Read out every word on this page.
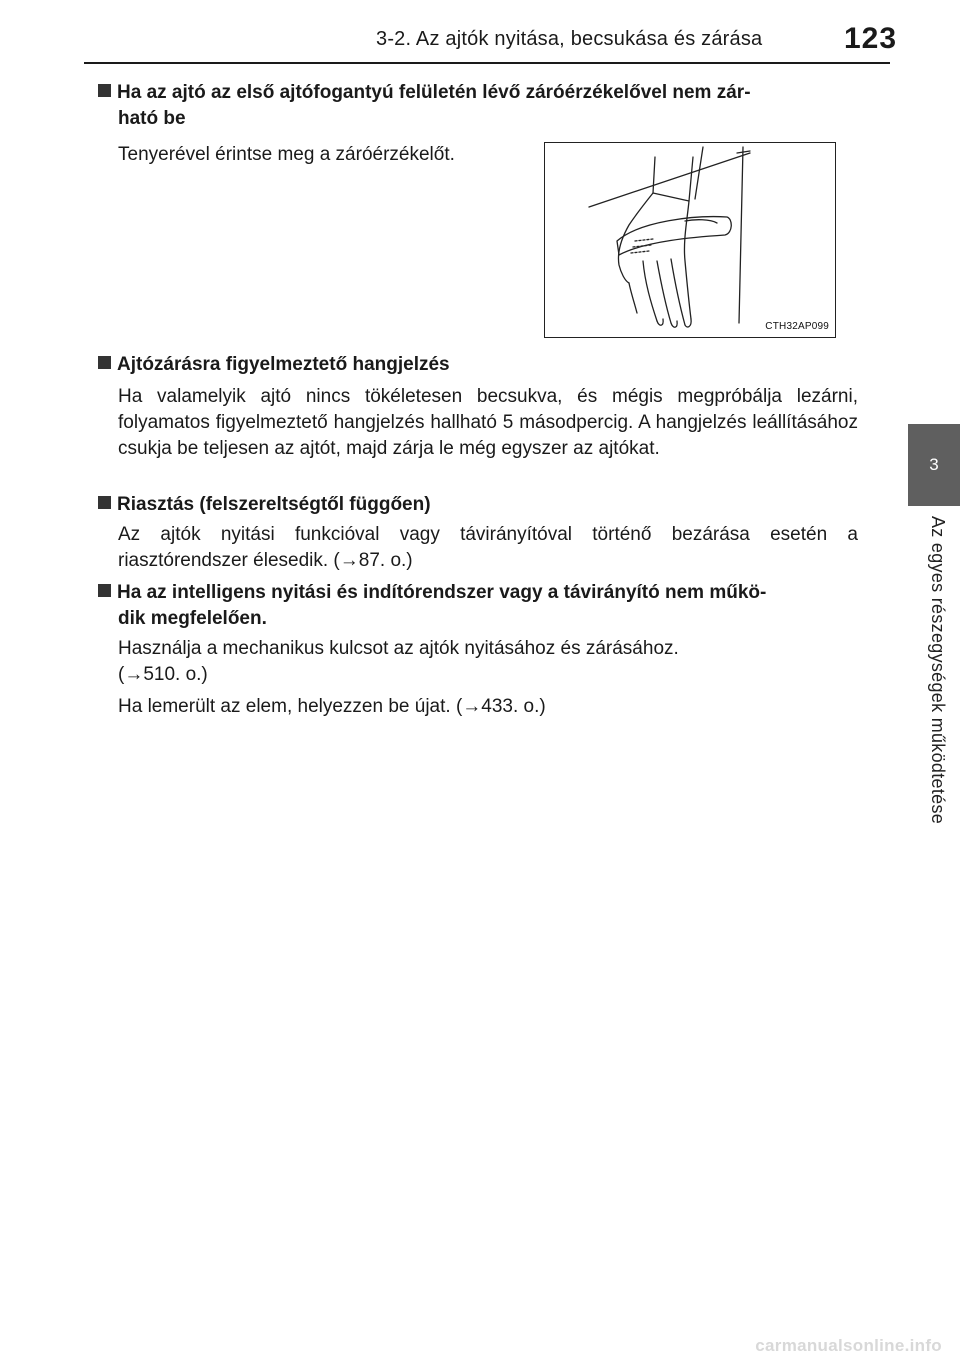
3-2. Az ajtók nyitása, becsukása és zárása	123
3
Az egyes részegységek működtetése
Ha az ajtó az első ajtófogantyú felületén lévő záróérzékelővel nem zár-
ható be
Tenyerével érintse meg a záróérzékelőt.
CTH32AP099
Ajtózárásra figyelmeztető hangjelzés
Ha valamelyik ajtó nincs tökéletesen becsukva, és mégis megpróbálja lezárni, folyamatos figyelmeztető hangjelzés hallható 5 másodpercig. A hangjelzés leállításához csukja be teljesen az ajtót, majd zárja le még egyszer az ajtókat.
Riasztás (felszereltségtől függően)
Az ajtók nyitási funkcióval vagy távirányítóval történő bezárása esetén a riasztórendszer élesedik. (→87. o.)
Ha az intelligens nyitási és indítórendszer vagy a távirányító nem műkö-
dik megfelelően.
Használja a mechanikus kulcsot az ajtók nyitásához és zárásához.
(→510. o.)
Ha lemerült az elem, helyezzen be újat. (→433. o.)
carmanualsonline.info
